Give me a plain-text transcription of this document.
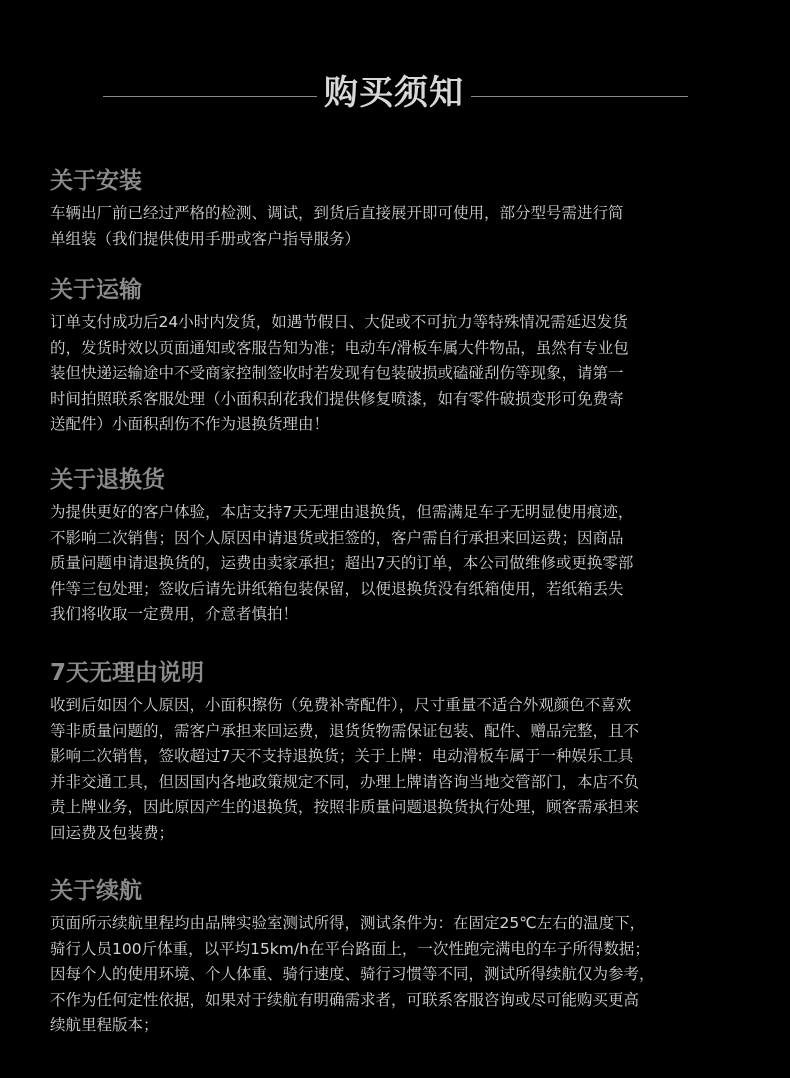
购买须知
关于安装
车辆出厂前已经过严格的检测、调试，到货后直接展开即可使用，部分型号需进行简
单组装（我们提供使用手册或客户指导服务）
关于运输
订单支付成功后24小时内发货，如遇节假日、大促或不可抗力等特殊情况需延迟发货
的，发货时效以页面通知或客服告知为准；电动车/滑板车属大件物品，虽然有专业包
装但快递运输途中不受商家控制签收时若发现有包装破损或磕碰刮伤等现象，请第一
时间拍照联系客服处理（小面积刮花我们提供修复喷漆，如有零件破损变形可免费寄
送配件）小面积刮伤不作为退换货理由！
关于退换货
为提供更好的客户体验，本店支持7天无理由退换货，但需满足车子无明显使用痕迹，
不影响二次销售；因个人原因申请退货或拒签的，客户需自行承担来回运费；因商品
质量问题申请退换货的，运费由卖家承担；超出7天的订单，本公司做维修或更换零部
件等三包处理；签收后请先讲纸箱包装保留，以便退换货没有纸箱使用，若纸箱丢失
我们将收取一定费用，介意者慎拍！
7天无理由说明
收到后如因个人原因，小面积擦伤（免费补寄配件），尺寸重量不适合外观颜色不喜欢
等非质量问题的，需客户承担来回运费，退货货物需保证包装、配件、赠品完整，且不
影响二次销售，签收超过7天不支持退换货；关于上牌：电动滑板车属于一种娱乐工具
并非交通工具，但因国内各地政策规定不同，办理上牌请咨询当地交管部门，本店不负
责上牌业务，因此原因产生的退换货，按照非质量问题退换货执行处理，顾客需承担来
回运费及包装费；
关于续航
页面所示续航里程均由品牌实验室测试所得，测试条件为：在固定25℃左右的温度下，
骑行人员100斤体重，以平均15km/h在平台路面上，一次性跑完满电的车子所得数据；
因每个人的使用环境、个人体重、骑行速度、骑行习惯等不同，测试所得续航仅为参考，
不作为任何定性依据，如果对于续航有明确需求者，可联系客服咨询或尽可能购买更高
续航里程版本；
